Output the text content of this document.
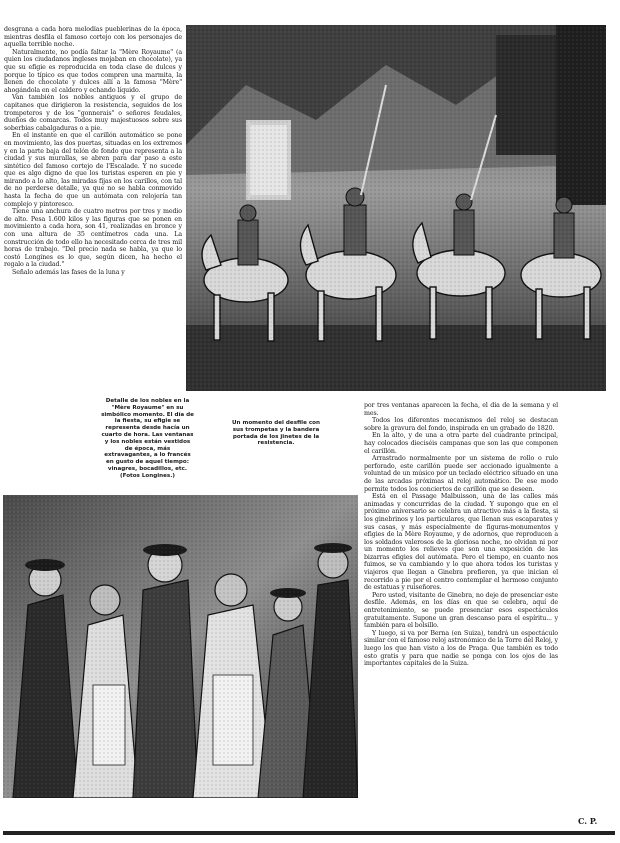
desgrana a cada hora melodías pueblerinas de la época, mientras desfila el famoso cortejo con los personajes de aquella terrible noche.

Naturalmente, no podía faltar la "Mère Royaume" (a quien los ciudadanos ingleses mojaban en chocolate), ya que su efigie es reproducida en toda clase de dulces y porque lo típico es que todos compren una marmita, la llenen de chocolate y dulces allí a la famosa "Mère" ahogándola en el caldero y echando líquido.

Van también los nobles antiguos y el grupo de capitanes que dirigieron la resistencia, seguidos de los trompeteros y de los "gonnerais" o señores feudales, dueños de comarcas. Todos muy majestuosos sobre sus soberbias cabalgaduras o a pie.

En el instante en que el carillón automático se pone en movimiento, las dos puertas, situadas en los extremos y en la parte baja del telón de fondo que representa a la ciudad y sus murallas, se abren para dar paso a este sintético del famoso cortejo de l'Escalade. Y no sucede que es algo digno de que los turistas esperen en pie y mirando a lo alto, las miradas fijas en los carillos, con tal de no perderse detalle, ya que no se habla conmovido hasta la fecha de que un autómata con relojería tan complejo y pintoresco.

Tiene una anchura de cuatro metros por tres y medio de alto. Pesa 1.600 kilos y las figuras que se ponen en movimiento a cada hora, son 41, realizadas en bronce y con una altura de 35 centímetros cada una. La construcción de todo ello ha necesitado cerca de tres mil horas de trabajo. "Del precio nada se habla, ya que lo costó Longines es lo que, según dicen, ha hecho el regalo a la ciudad."

Señalo además las fases de la luna y

Detalle de los nobles en la "Mère Royaume" en su simbólico momento. El día de la fiesta, su efigie se representa desde hacía un cuarto de hora. Las ventanas y los nobles están vestidos de época, más extravagantes, a lo francés en gusto de aquel tiempo: vinagres, bocadillos, etc. (Fotos Longines.)
Un momento del desfile con sus trompetas y la bandera portada de los jinetes de la resistencia.

por tres ventanas aparecen la fecha, el día de la semana y el mes.

Todos los diferentes mecanismos del reloj se destacan sobre la gravura del fondo, inspirada en un grabado de 1820.

En la alto, y de una a otra parte del cuadrante principal, hay colocados dieciséis campanas que son las que componen el carillón.

Arrastrado normalmente por un sistema de rollo o rulo perforado, este carillón puede ser accionado igualmente a voluntad de un músico por un teclado eléctrico situado en una de las arcadas próximas al reloj automático. De ese modo permite todos los conciertos de carillón que se deseen.

Está en el Passage Malbuisson, una de las calles más animadas y concurridas de la ciudad. Y supongo que en el próximo aniversario se celebra un atractivo más a la fiesta, si los ginebrinos y los particulares, que llenan sus escaparates y sus casas, y más especialmente de figuras-monumentos y efigies de la Mère Royaume, y de adornos, que reproducen a los soldados valerosos de la gloriosa noche, no olvidan ni por un momento los relieves que son una exposición de las bizarras efigies del autómata. Pero el tiempo, en cuanto nos fuimos, se va cambiando y lo que ahora todos los turistas y viajeros que llegan a Ginebra prefieren, ya que inician el recorrido a pie por el centro contemplar el hermoso conjunto de estatuas y ruiseñores.

Pero usted, visitante de Ginebra, no deje de presenciar este desfile. Además, en los días en que se celebra, aquí de entretenimiento, se puede presenciar esos espectáculos gratuitamente. Supone un gran descanso para el espíritu... y también para el bolsillo.

Y luego, si va por Berna (en Suiza), tendrá un espectáculo similar con el famoso reloj astronómico de la Torre del Reloj, y luego los que han visto a los de Praga. Que también es todo esto gratis y para que nadie se ponga con los ojos de las importantes capitales de la Suiza.

C. P.
